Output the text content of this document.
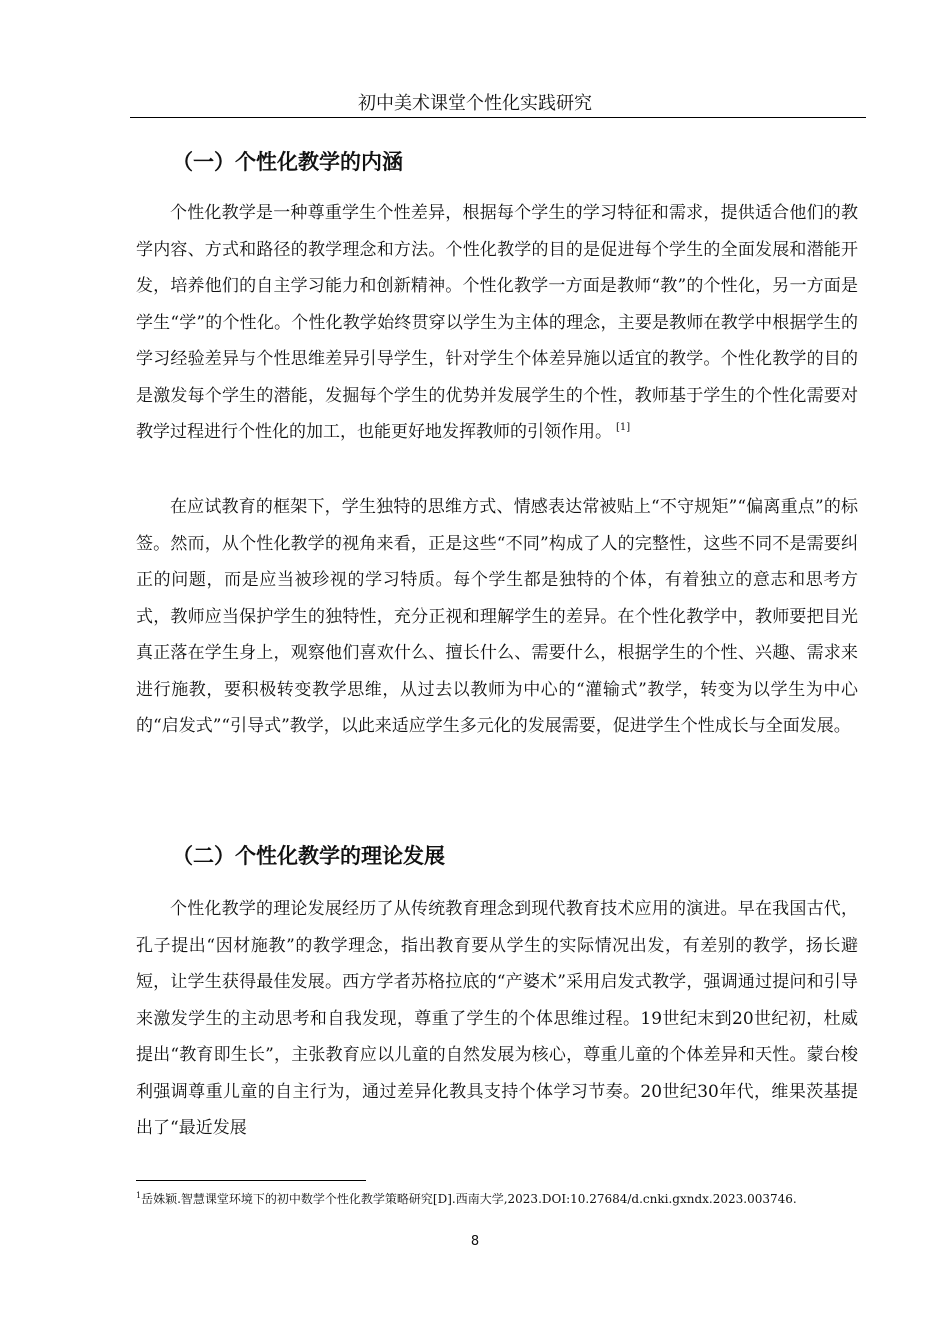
初中美术课堂个性化实践研究
（一）个性化教学的内涵

个性化教学是一种尊重学生个性差异，根据每个学生的学习特征和需求，提供适合他们的教学内容、方式和路径的教学理念和方法。个性化教学的目的是促进每个学生的全面发展和潜能开发，培养他们的自主学习能力和创新精神。个性化教学一方面是教师“教”的个性化，另一方面是学生“学”的个性化。个性化教学始终贯穿以学生为主体的理念，主要是教师在教学中根据学生的学习经验差异与个性思维差异引导学生，针对学生个体差异施以适宜的教学。个性化教学的目的是激发每个学生的潜能，发掘每个学生的优势并发展学生的个性，教师基于学生的个性化需要对教学过程进行个性化的加工，也能更好地发挥教师的引领作用。 [1]

在应试教育的框架下，学生独特的思维方式、情感表达常被贴上“不守规矩”“偏离重点”的标签。然而，从个性化教学的视角来看，正是这些“不同”构成了人的完整性，这些不同不是需要纠正的问题，而是应当被珍视的学习特质。每个学生都是独特的个体，有着独立的意志和思考方式，教师应当保护学生的独特性，充分正视和理解学生的差异。在个性化教学中，教师要把目光真正落在学生身上，观察他们喜欢什么、擅长什么、需要什么，根据学生的个性、兴趣、需求来进行施教，要积极转变教学思维，从过去以教师为中心的“灌输式”教学，转变为以学生为中心的“启发式”“引导式”教学，以此来适应学生多元化的发展需要，促进学生个性成长与全面发展。

（二）个性化教学的理论发展

个性化教学的理论发展经历了从传统教育理念到现代教育技术应用的演进。早在我国古代，孔子提出“因材施教”的教学理念，指出教育要从学生的实际情况出发，有差别的教学，扬长避短，让学生获得最佳发展。西方学者苏格拉底的“产婆术”采用启发式教学，强调通过提问和引导来激发学生的主动思考和自我发现，尊重了学生的个体思维过程。19世纪末到20世纪初，杜威提出“教育即生长”，主张教育应以儿童的自然发展为核心，尊重儿童的个体差异和天性。蒙台梭利强调尊重儿童的自主行为，通过差异化教具支持个体学习节奏。20世纪30年代，维果茨基提出了“最近发展

$^1$岳姝颖.智慧课堂环境下的初中数学个性化教学策略研究[D].西南大学,2023.DOI:10.27684/d.cnki.gxndx.2023.003746.

8
